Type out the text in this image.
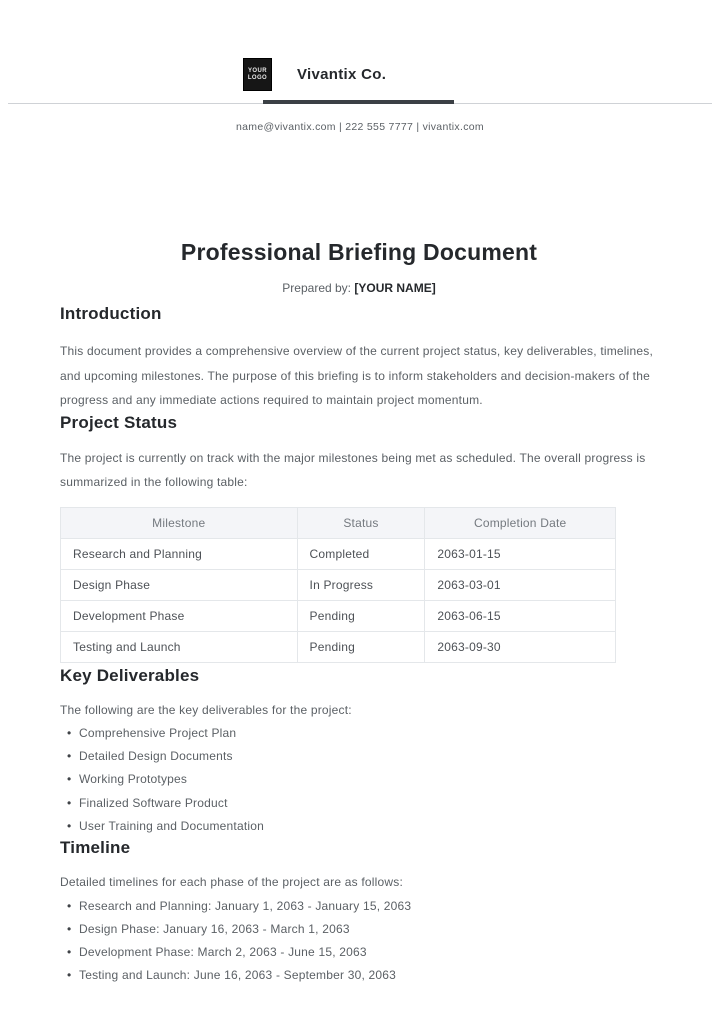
YOUR
LOGO Vivantix Co.
name@vivantix.com | 222 555 7777 | vivantix.com
Professional Briefing Document
Prepared by: [YOUR NAME]
Introduction

This document provides a comprehensive overview of the current project status, key deliverables, timelines, and upcoming milestones. The purpose of this briefing is to inform stakeholders and decision-makers of the progress and any immediate actions required to maintain project momentum.

Project Status

The project is currently on track with the major milestones being met as scheduled. The overall progress is summarized in the following table:

Milestone	Status	Completion Date
Research and Planning	Completed	2063-01-15
Design Phase	In Progress	2063-03-01
Development Phase	Pending	2063-06-15
Testing and Launch	Pending	2063-09-30
Key Deliverables

The following are the key deliverables for the project:

• Comprehensive Project Plan
• Detailed Design Documents
• Working Prototypes
• Finalized Software Product
• User Training and Documentation
Timeline

Detailed timelines for each phase of the project are as follows:

• Research and Planning: January 1, 2063 - January 15, 2063
• Design Phase: January 16, 2063 - March 1, 2063
• Development Phase: March 2, 2063 - June 15, 2063
• Testing and Launch: June 16, 2063 - September 30, 2063
